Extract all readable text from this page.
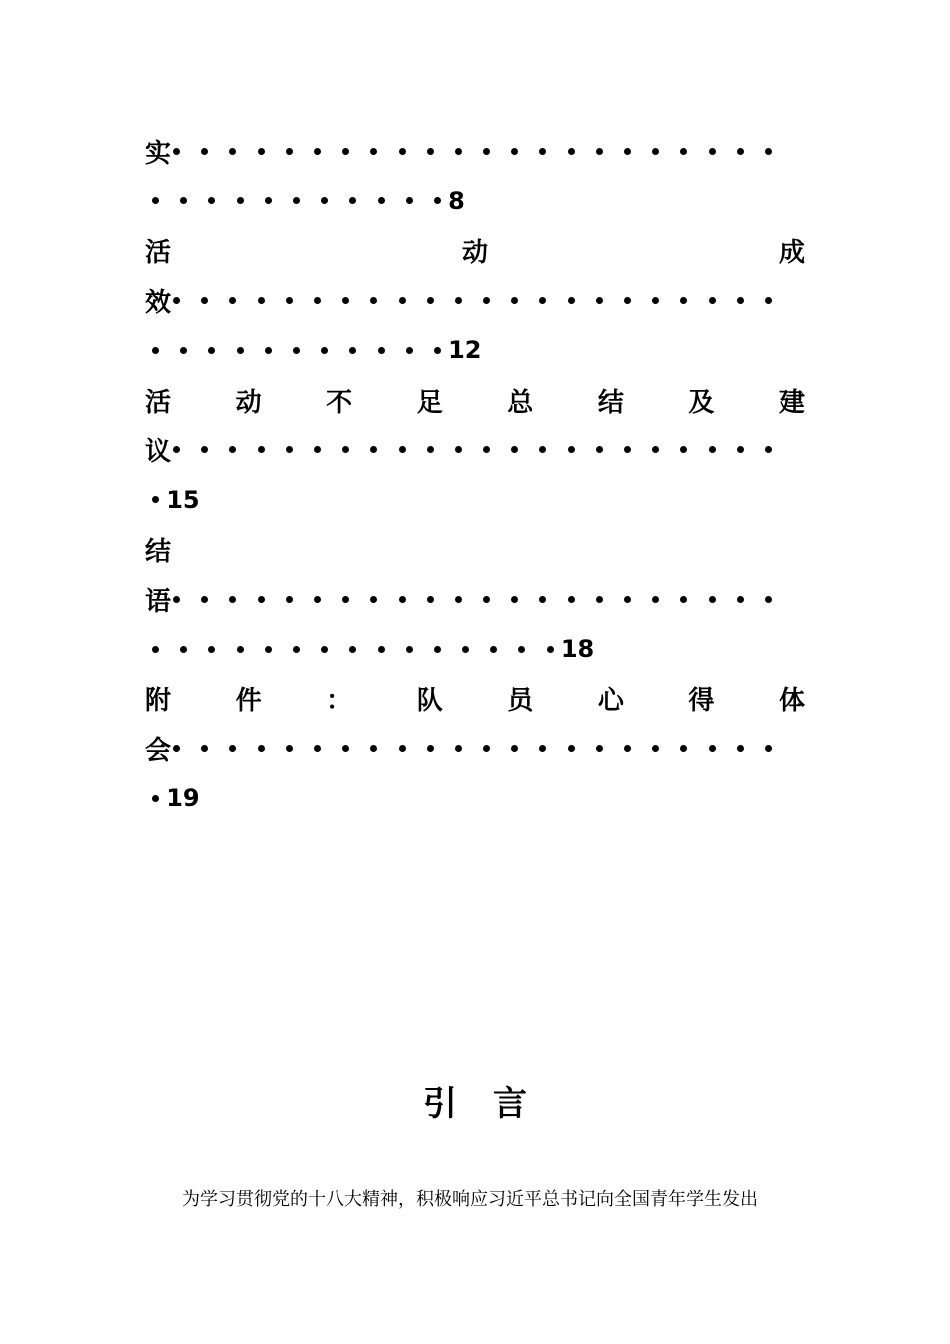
实
8
活	动	成
效
12
活 动 不 足 总 结 及 建
议
15
结
语
18
附 件 ： 队 员 心 得 体
会
19
引言
为学习贯彻党的十八大精神，积极响应习近平总书记向全国青年学生发出
